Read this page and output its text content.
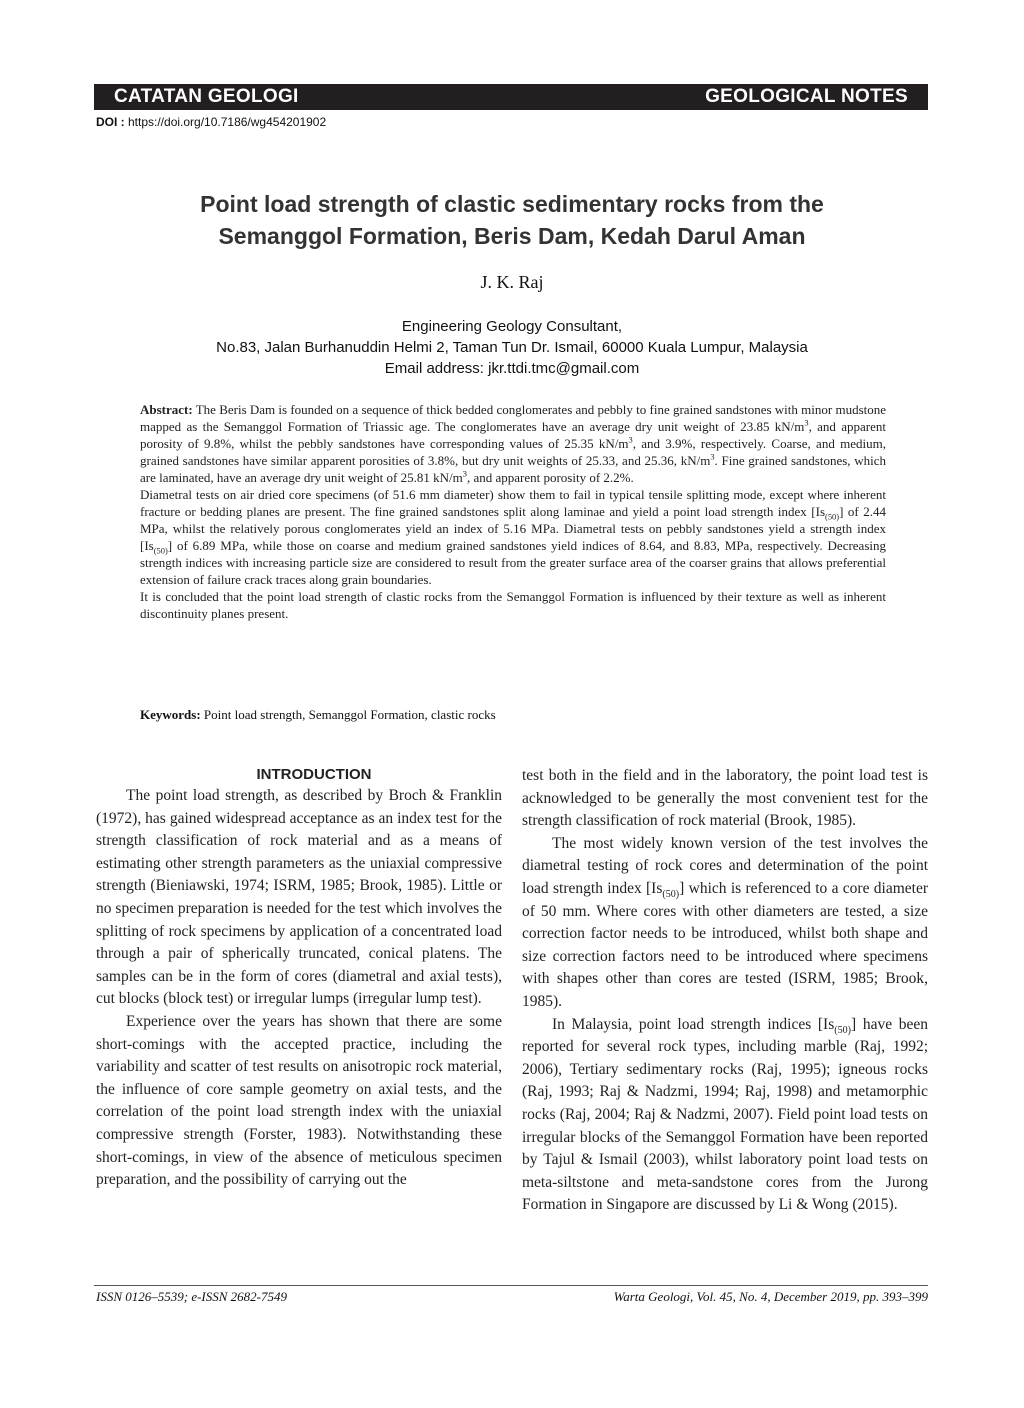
CATATAN GEOLOGI	GEOLOGICAL NOTES
DOI : https://doi.org/10.7186/wg454201902
Point load strength of clastic sedimentary rocks from the
Semanggol Formation, Beris Dam, Kedah Darul Aman
J. K. Raj
Engineering Geology Consultant,
No.83, Jalan Burhanuddin Helmi 2, Taman Tun Dr. Ismail, 60000 Kuala Lumpur, Malaysia
Email address: jkr.ttdi.tmc@gmail.com

Abstract: The Beris Dam is founded on a sequence of thick bedded conglomerates and pebbly to fine grained sandstones with minor mudstone mapped as the Semanggol Formation of Triassic age. The conglomerates have an average dry unit weight of 23.85 $kN/m^3$, and apparent porosity of 9.8%, whilst the pebbly sandstones have corresponding values of 25.35 $kN/m^3$, and 3.9%, respectively. Coarse, and medium, grained sandstones have similar apparent porosities of 3.8%, but dry unit weights of 25.33, and 25.36, $kN/m^3$. Fine grained sandstones, which are laminated, have an average dry unit weight of 25.81 $kN/m^3$, and apparent porosity of 2.2%.

Diametral tests on air dried core specimens (of 51.6 mm diameter) show them to fail in typical tensile splitting mode, except where inherent fracture or bedding planes are present. The fine grained sandstones split along laminae and yield a point load strength index $[Is_{(50)}]$ of 2.44 MPa, whilst the relatively porous conglomerates yield an index of 5.16 MPa. Diametral tests on pebbly sandstones yield a strength index $[Is_{(50)}]$ of 6.89 MPa, while those on coarse and medium grained sandstones yield indices of 8.64, and 8.83, MPa, respectively. Decreasing strength indices with increasing particle size are considered to result from the greater surface area of the coarser grains that allows preferential extension of failure crack traces along grain boundaries.

It is concluded that the point load strength of clastic rocks from the Semanggol Formation is influenced by their texture as well as inherent discontinuity planes present.

Keywords: Point load strength, Semanggol Formation, clastic rocks

INTRODUCTION

The point load strength, as described by Broch & Franklin (1972), has gained widespread acceptance as an index test for the strength classification of rock material and as a means of estimating other strength parameters as the uniaxial compressive strength (Bieniawski, 1974; ISRM, 1985; Brook, 1985). Little or no specimen preparation is needed for the test which involves the splitting of rock specimens by application of a concentrated load through a pair of spherically truncated, conical platens. The samples can be in the form of cores (diametral and axial tests), cut blocks (block test) or irregular lumps (irregular lump test).

Experience over the years has shown that there are some short-comings with the accepted practice, including the variability and scatter of test results on anisotropic rock material, the influence of core sample geometry on axial tests, and the correlation of the point load strength index with the uniaxial compressive strength (Forster, 1983). Notwithstanding these short-comings, in view of the absence of meticulous specimen preparation, and the possibility of carrying out the

test both in the field and in the laboratory, the point load test is acknowledged to be generally the most convenient test for the strength classification of rock material (Brook, 1985).

The most widely known version of the test involves the diametral testing of rock cores and determination of the point load strength index $[Is_{(50)}]$ which is referenced to a core diameter of 50 mm. Where cores with other diameters are tested, a size correction factor needs to be introduced, whilst both shape and size correction factors need to be introduced where specimens with shapes other than cores are tested (ISRM, 1985; Brook, 1985).

In Malaysia, point load strength indices $[Is_{(50)}]$ have been reported for several rock types, including marble (Raj, 1992; 2006), Tertiary sedimentary rocks (Raj, 1995); igneous rocks (Raj, 1993; Raj & Nadzmi, 1994; Raj, 1998) and metamorphic rocks (Raj, 2004; Raj & Nadzmi, 2007). Field point load tests on irregular blocks of the Semanggol Formation have been reported by Tajul & Ismail (2003), whilst laboratory point load tests on meta-siltstone and meta-sandstone cores from the Jurong Formation in Singapore are discussed by Li & Wong (2015).

ISSN 0126–5539; e-ISSN 2682-7549	Warta Geologi, Vol. 45, No. 4, December 2019, pp. 393–399
